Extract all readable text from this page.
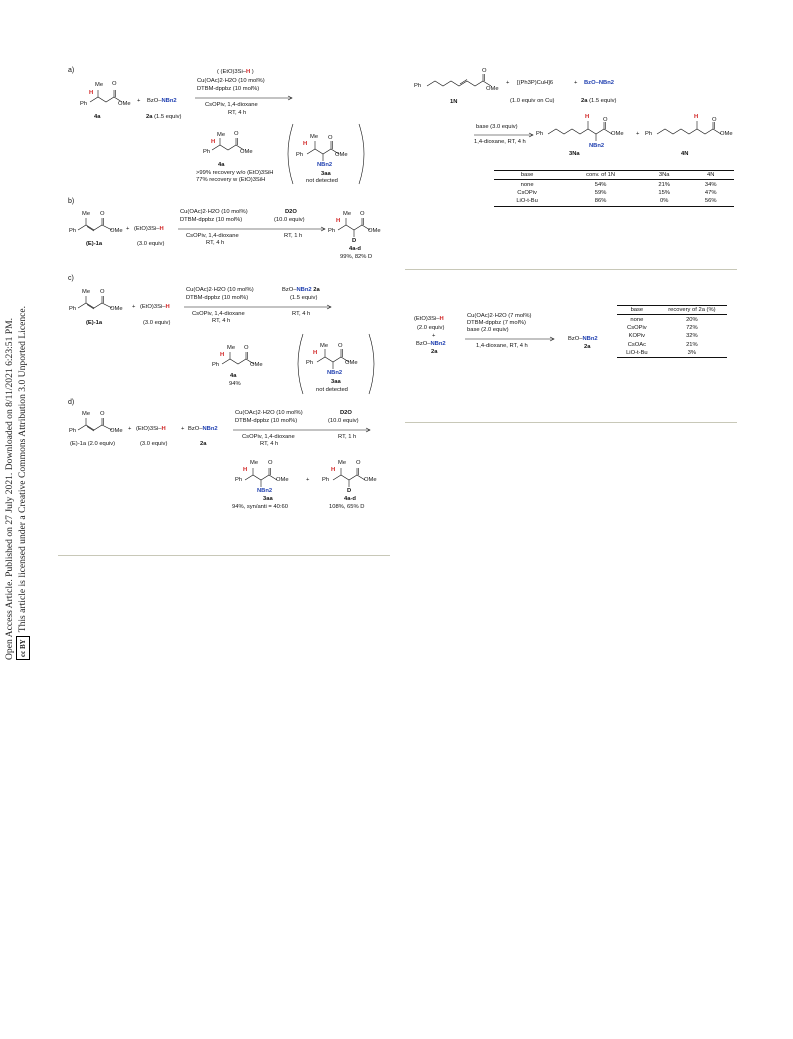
Open Access Article. Published on 27 July 2021. Downloaded on 8/11/2021 6:23:51 PM. cc BYThis article is licensed under a Creative Commons Attribution 3.0 Unported Licence.
a)
Me
H
O
Ph	OMe
4a
+ BzO–NBn2
2a (1.5 equiv)
( (EtO)3Si–H )
Cu(OAc)2·H2O (10 mol%)
DTBM-dppbz (10 mol%)
CsOPiv, 1,4-dioxane
RT, 4 h
Me
H
O
Ph	OMe
4a
>99% recovery w/o (EtO)3SiH
77% recovery w (EtO)3SiH
Me
H
O
Ph	OMe
NBn2
3aa
not detected
b)
Me O
Ph	OMe
(E)-1a
+ (EtO)3Si–H
(3.0 equiv)
Cu(OAc)2·H2O (10 mol%)
DTBM-dppbz (10 mol%)
CsOPiv, 1,4-dioxane
RT, 4 h
D2O
(10.0 equiv)
RT, 1 h
Me
H
O
Ph	OMe
D
4a-d
99%, 82% D
c)
Me O
Ph	OMe
(E)-1a
+ (EtO)3Si–H
(3.0 equiv)
Cu(OAc)2·H2O (10 mol%)
DTBM-dppbz (10 mol%)
CsOPiv, 1,4-dioxane
RT, 4 h
BzO–NBn2 2a
(1.5 equiv)
RT, 4 h
Me
H
O
Ph	OMe
4a
94%
Me
H
O
Ph	OMe
NBn2
3aa
not detected
d)
Me O
Ph	OMe
(E)-1a (2.0 equiv)
+ (EtO)3Si–H
(3.0 equiv)
+ BzO–NBn2
2a
Cu(OAc)2·H2O (10 mol%)
DTBM-dppbz (10 mol%)
CsOPiv, 1,4-dioxane
RT, 4 h
D2O
(10.0 equiv)
RT, 1 h
Me
H
O
Ph	OMe
NBn2
3aa
94%, syn/anti = 40:60
+
Me
H
O
Ph	OMe
D
4a-d
108%, 65% D
Ph
O
OMe
1N
+ [(Ph3P)CuH]6
(1.0 equiv on Cu)
+ BzO–NBn2
2a (1.5 equiv)
base (3.0 equiv)
1,4-dioxane, RT, 4 h
Ph
H O
OMe
NBn2
3Na
+ Ph
H O
OMe
4N
base	conv. of 1N	3Na	4N
none	54%	21%	34%
CsOPiv	59%	15%	47%
LiO-t-Bu	86%	0%	56%
(EtO)3Si–H
(2.0 equiv)
+
BzO–NBn2
2a
Cu(OAc)2·H2O (7 mol%)
DTBM-dppbz (7 mol%)
base (2.0 equiv)
1,4-dioxane, RT, 4 h
BzO–NBn2
2a
base	recovery of 2a (%)
none	20%
CsOPiv	72%
KOPiv	32%
CsOAc	21%
LiO-t-Bu	3%
